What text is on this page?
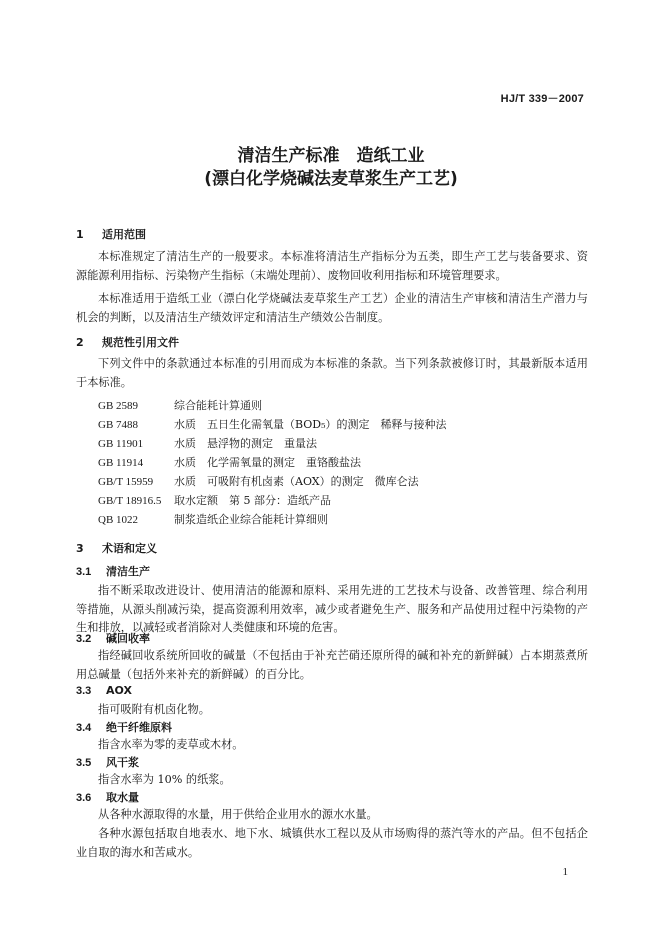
HJ/T 339－2007
清洁生产标准　造纸工业
(漂白化学烧碱法麦草浆生产工艺)
1 适用范围
本标准规定了清洁生产的一般要求。本标准将清洁生产指标分为五类，即生产工艺与装备要求、资源能源利用指标、污染物产生指标（末端处理前）、废物回收利用指标和环境管理要求。
本标准适用于造纸工业（漂白化学烧碱法麦草浆生产工艺）企业的清洁生产审核和清洁生产潜力与机会的判断，以及清洁生产绩效评定和清洁生产绩效公告制度。
2 规范性引用文件
下列文件中的条款通过本标准的引用而成为本标准的条款。当下列条款被修订时，其最新版本适用于本标准。
GB 2589	综合能耗计算通则
GB 7488	水质　五日生化需氧量（BOD₅）的测定　稀释与接种法
GB 11901	水质　悬浮物的测定　重量法
GB 11914	水质　化学需氧量的测定　重铬酸盐法
GB/T 15959 水质　可吸附有机卤素（AOX）的测定　微库仑法
GB/T 18916.5 取水定额　第 5 部分：造纸产品
QB 1022	制浆造纸企业综合能耗计算细则
3 术语和定义
3.1 清洁生产
指不断采取改进设计、使用清洁的能源和原料、采用先进的工艺技术与设备、改善管理、综合利用等措施，从源头削减污染，提高资源利用效率，减少或者避免生产、服务和产品使用过程中污染物的产生和排放，以减轻或者消除对人类健康和环境的危害。
3.2 碱回收率
指经碱回收系统所回收的碱量（不包括由于补充芒硝还原所得的碱和补充的新鲜碱）占本期蒸煮所用总碱量（包括外来补充的新鲜碱）的百分比。
3.3 AOX
指可吸附有机卤化物。
3.4 绝干纤维原料
指含水率为零的麦草或木材。
3.5 风干浆
指含水率为 10% 的纸浆。
3.6 取水量
从各种水源取得的水量，用于供给企业用水的源水水量。
各种水源包括取自地表水、地下水、城镇供水工程以及从市场购得的蒸汽等水的产品。但不包括企业自取的海水和苦咸水。
1
